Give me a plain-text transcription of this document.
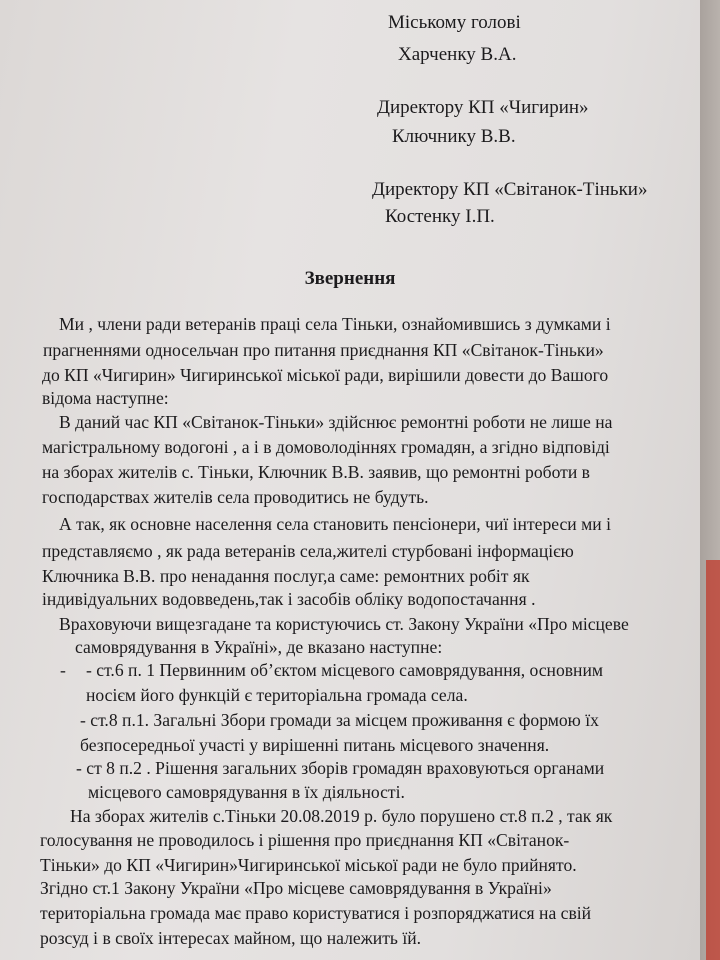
Міському голові
Харченку В.А.
Директору КП «Чигирин»
Ключнику В.В.
Директору КП «Світанок-Тіньки»
Костенку І.П.
Звернення
Ми , члени ради ветеранів праці села Тіньки, ознайомившись з думками і
прагненнями односельчан про питання приєднання КП «Світанок-Тіньки»
до КП «Чигирин» Чигиринської міської ради, вирішили довести до Вашого
відома наступне:
В даний час КП «Світанок-Тіньки» здійснює ремонтні роботи не лише на
магістральному водогоні , а і в домоволодіннях громадян, а згідно відповіді
на зборах жителів с. Тіньки, Ключник В.В. заявив, що ремонтні роботи в
господарствах жителів села проводитись не будуть.
А так, як основне населення села становить пенсіонери, чиї інтереси ми і
представляємо , як рада ветеранів села,жителі стурбовані інформацією
Ключника В.В. про ненадання послуг,а саме: ремонтних робіт як
індивідуальних водовведень,так і засобів обліку водопостачання .
Враховуючи вищезгадане та користуючись ст. Закону України «Про місцеве
самоврядування в Україні», де вказано наступне:
- - ст.6 п. 1 Первинним об’єктом місцевого самоврядування, основним
носієм його функцій є територіальна громада села.
- ст.8 п.1. Загальні Збори громади за місцем проживання є формою їх
безпосередньої участі у вирішенні питань місцевого значення.
- ст 8 п.2 . Рішення загальних зборів громадян враховуються органами
місцевого самоврядування в їх діяльності.
На зборах жителів с.Тіньки 20.08.2019 р. було порушено ст.8 п.2 , так як
голосування не проводилось і рішення про приєднання КП «Світанок-
Тіньки» до КП «Чигирин»Чигиринської міської ради не було прийнято.
Згідно ст.1 Закону України «Про місцеве самоврядування в Україні»
територіальна громада має право користуватися і розпоряджатися на свій
розсуд і в своїх інтересах майном, що належить їй.
